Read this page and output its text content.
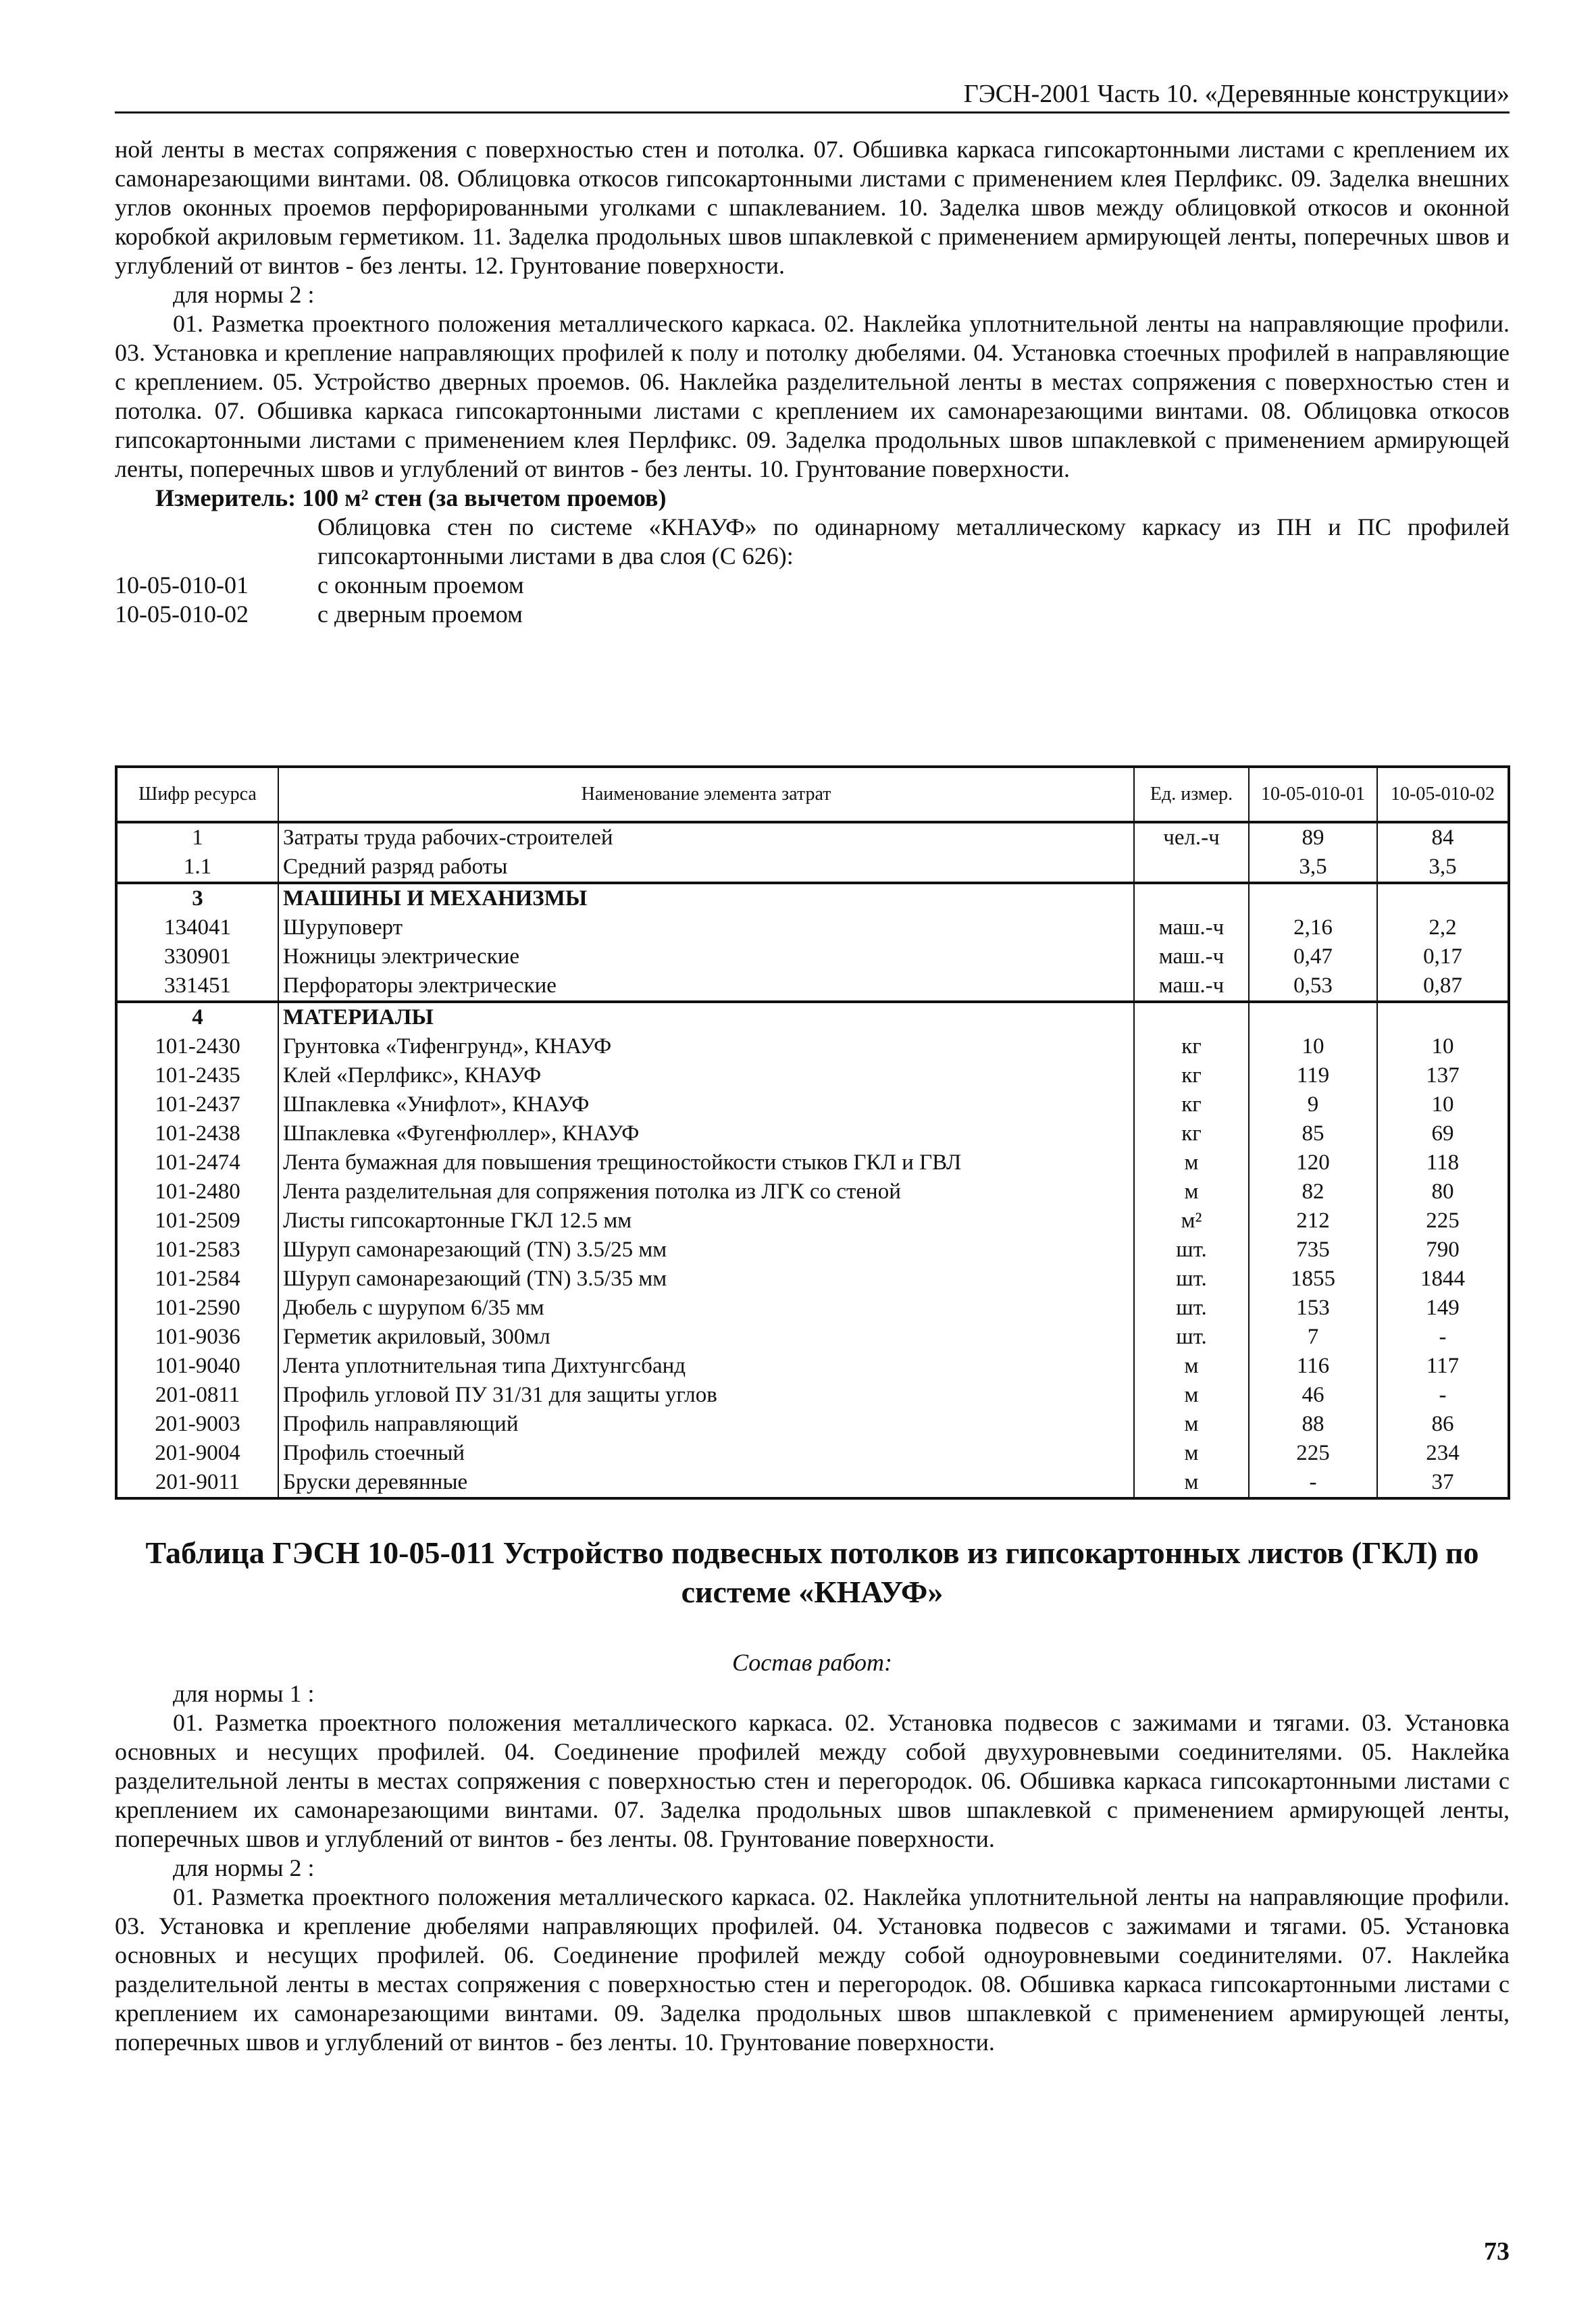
ГЭСН-2001 Часть 10. «Деревянные конструкции»

ной ленты в местах сопряжения с поверхностью стен и потолка. 07. Обшивка каркаса гипсокартонными листами с креплением их самонарезающими винтами. 08. Облицовка откосов гипсокартонными листами с применением клея Перлфикс. 09. Заделка внешних углов оконных проемов перфорированными уголками с шпаклеванием. 10. Заделка швов между облицовкой откосов и оконной коробкой акриловым герметиком. 11. Заделка продольных швов шпаклевкой с применением армирующей ленты, поперечных швов и углублений от винтов - без ленты. 12. Грунтование поверхности.

для нормы 2 :

01. Разметка проектного положения металлического каркаса. 02. Наклейка уплотнительной ленты на направляющие профили. 03. Установка и крепление направляющих профилей к полу и потолку дюбелями. 04. Установка стоечных профилей в направляющие с креплением. 05. Устройство дверных проемов. 06. Наклейка разделительной ленты в местах сопряжения с поверхностью стен и потолка. 07. Обшивка каркаса гипсокартонными листами с креплением их самонарезающими винтами. 08. Облицовка откосов гипсокартонными листами с применением клея Перлфикс. 09. Заделка продольных швов шпаклевкой с применением армирующей ленты, поперечных швов и углублений от винтов - без ленты. 10. Грунтование поверхности.

Измеритель: 100 м² стен (за вычетом проемов)
Облицовка стен по системе «КНАУФ» по одинарному металлическому каркасу из ПН и ПС профилей гипсокартонными листами в два слоя (С 626):
10-05-010-01	с оконным проемом
10-05-010-02	с дверным проемом
Шифр ресурса	Наименование элемента затрат	Ед. измер.	10-05-010-01	10-05-010-02
1	Затраты труда рабочих-строителей	чел.-ч	89	84
1.1	Средний разряд работы		3,5	3,5
3	МАШИНЫ И МЕХАНИЗМЫ			
134041	Шуруповерт	маш.-ч	2,16	2,2
330901	Ножницы электрические	маш.-ч	0,47	0,17
331451	Перфораторы электрические	маш.-ч	0,53	0,87
4	МАТЕРИАЛЫ			
101-2430	Грунтовка «Тифенгрунд», КНАУФ	кг	10	10
101-2435	Клей «Перлфикс», КНАУФ	кг	119	137
101-2437	Шпаклевка «Унифлот», КНАУФ	кг	9	10
101-2438	Шпаклевка «Фугенфюллер», КНАУФ	кг	85	69
101-2474	Лента бумажная для повышения трещиностойкости стыков ГКЛ и ГВЛ	м	120	118
101-2480	Лента разделительная для сопряжения потолка из ЛГК со стеной	м	82	80
101-2509	Листы гипсокартонные ГКЛ 12.5 мм	м²	212	225
101-2583	Шуруп самонарезающий (TN) 3.5/25 мм	шт.	735	790
101-2584	Шуруп самонарезающий (TN) 3.5/35 мм	шт.	1855	1844
101-2590	Дюбель с шурупом 6/35 мм	шт.	153	149
101-9036	Герметик акриловый, 300мл	шт.	7	-
101-9040	Лента уплотнительная типа Дихтунгсбанд	м	116	117
201-0811	Профиль угловой ПУ 31/31 для защиты углов	м	46	-
201-9003	Профиль направляющий	м	88	86
201-9004	Профиль стоечный	м	225	234
201-9011	Бруски деревянные	м	-	37
Таблица ГЭСН 10-05-011 Устройство подвесных потолков из гипсокартонных листов (ГКЛ) по системе «КНАУФ»
Состав работ:
для нормы 1 :

01. Разметка проектного положения металлического каркаса. 02. Установка подвесов с зажимами и тягами. 03. Установка основных и несущих профилей. 04. Соединение профилей между собой двухуровневыми соединителями. 05. Наклейка разделительной ленты в местах сопряжения с поверхностью стен и перегородок. 06. Обшивка каркаса гипсокартонными листами с креплением их самонарезающими винтами. 07. Заделка продольных швов шпаклевкой с применением армирующей ленты, поперечных швов и углублений от винтов - без ленты. 08. Грунтование поверхности.

для нормы 2 :

01. Разметка проектного положения металлического каркаса. 02. Наклейка уплотнительной ленты на направляющие профили. 03. Установка и крепление дюбелями направляющих профилей. 04. Установка подвесов с зажимами и тягами. 05. Установка основных и несущих профилей. 06. Соединение профилей между собой одноуровневыми соединителями. 07. Наклейка разделительной ленты в местах сопряжения с поверхностью стен и перегородок. 08. Обшивка каркаса гипсокартонными листами с креплением их самонарезающими винтами. 09. Заделка продольных швов шпаклевкой с применением армирующей ленты, поперечных швов и углублений от винтов - без ленты. 10. Грунтование поверхности.

73
